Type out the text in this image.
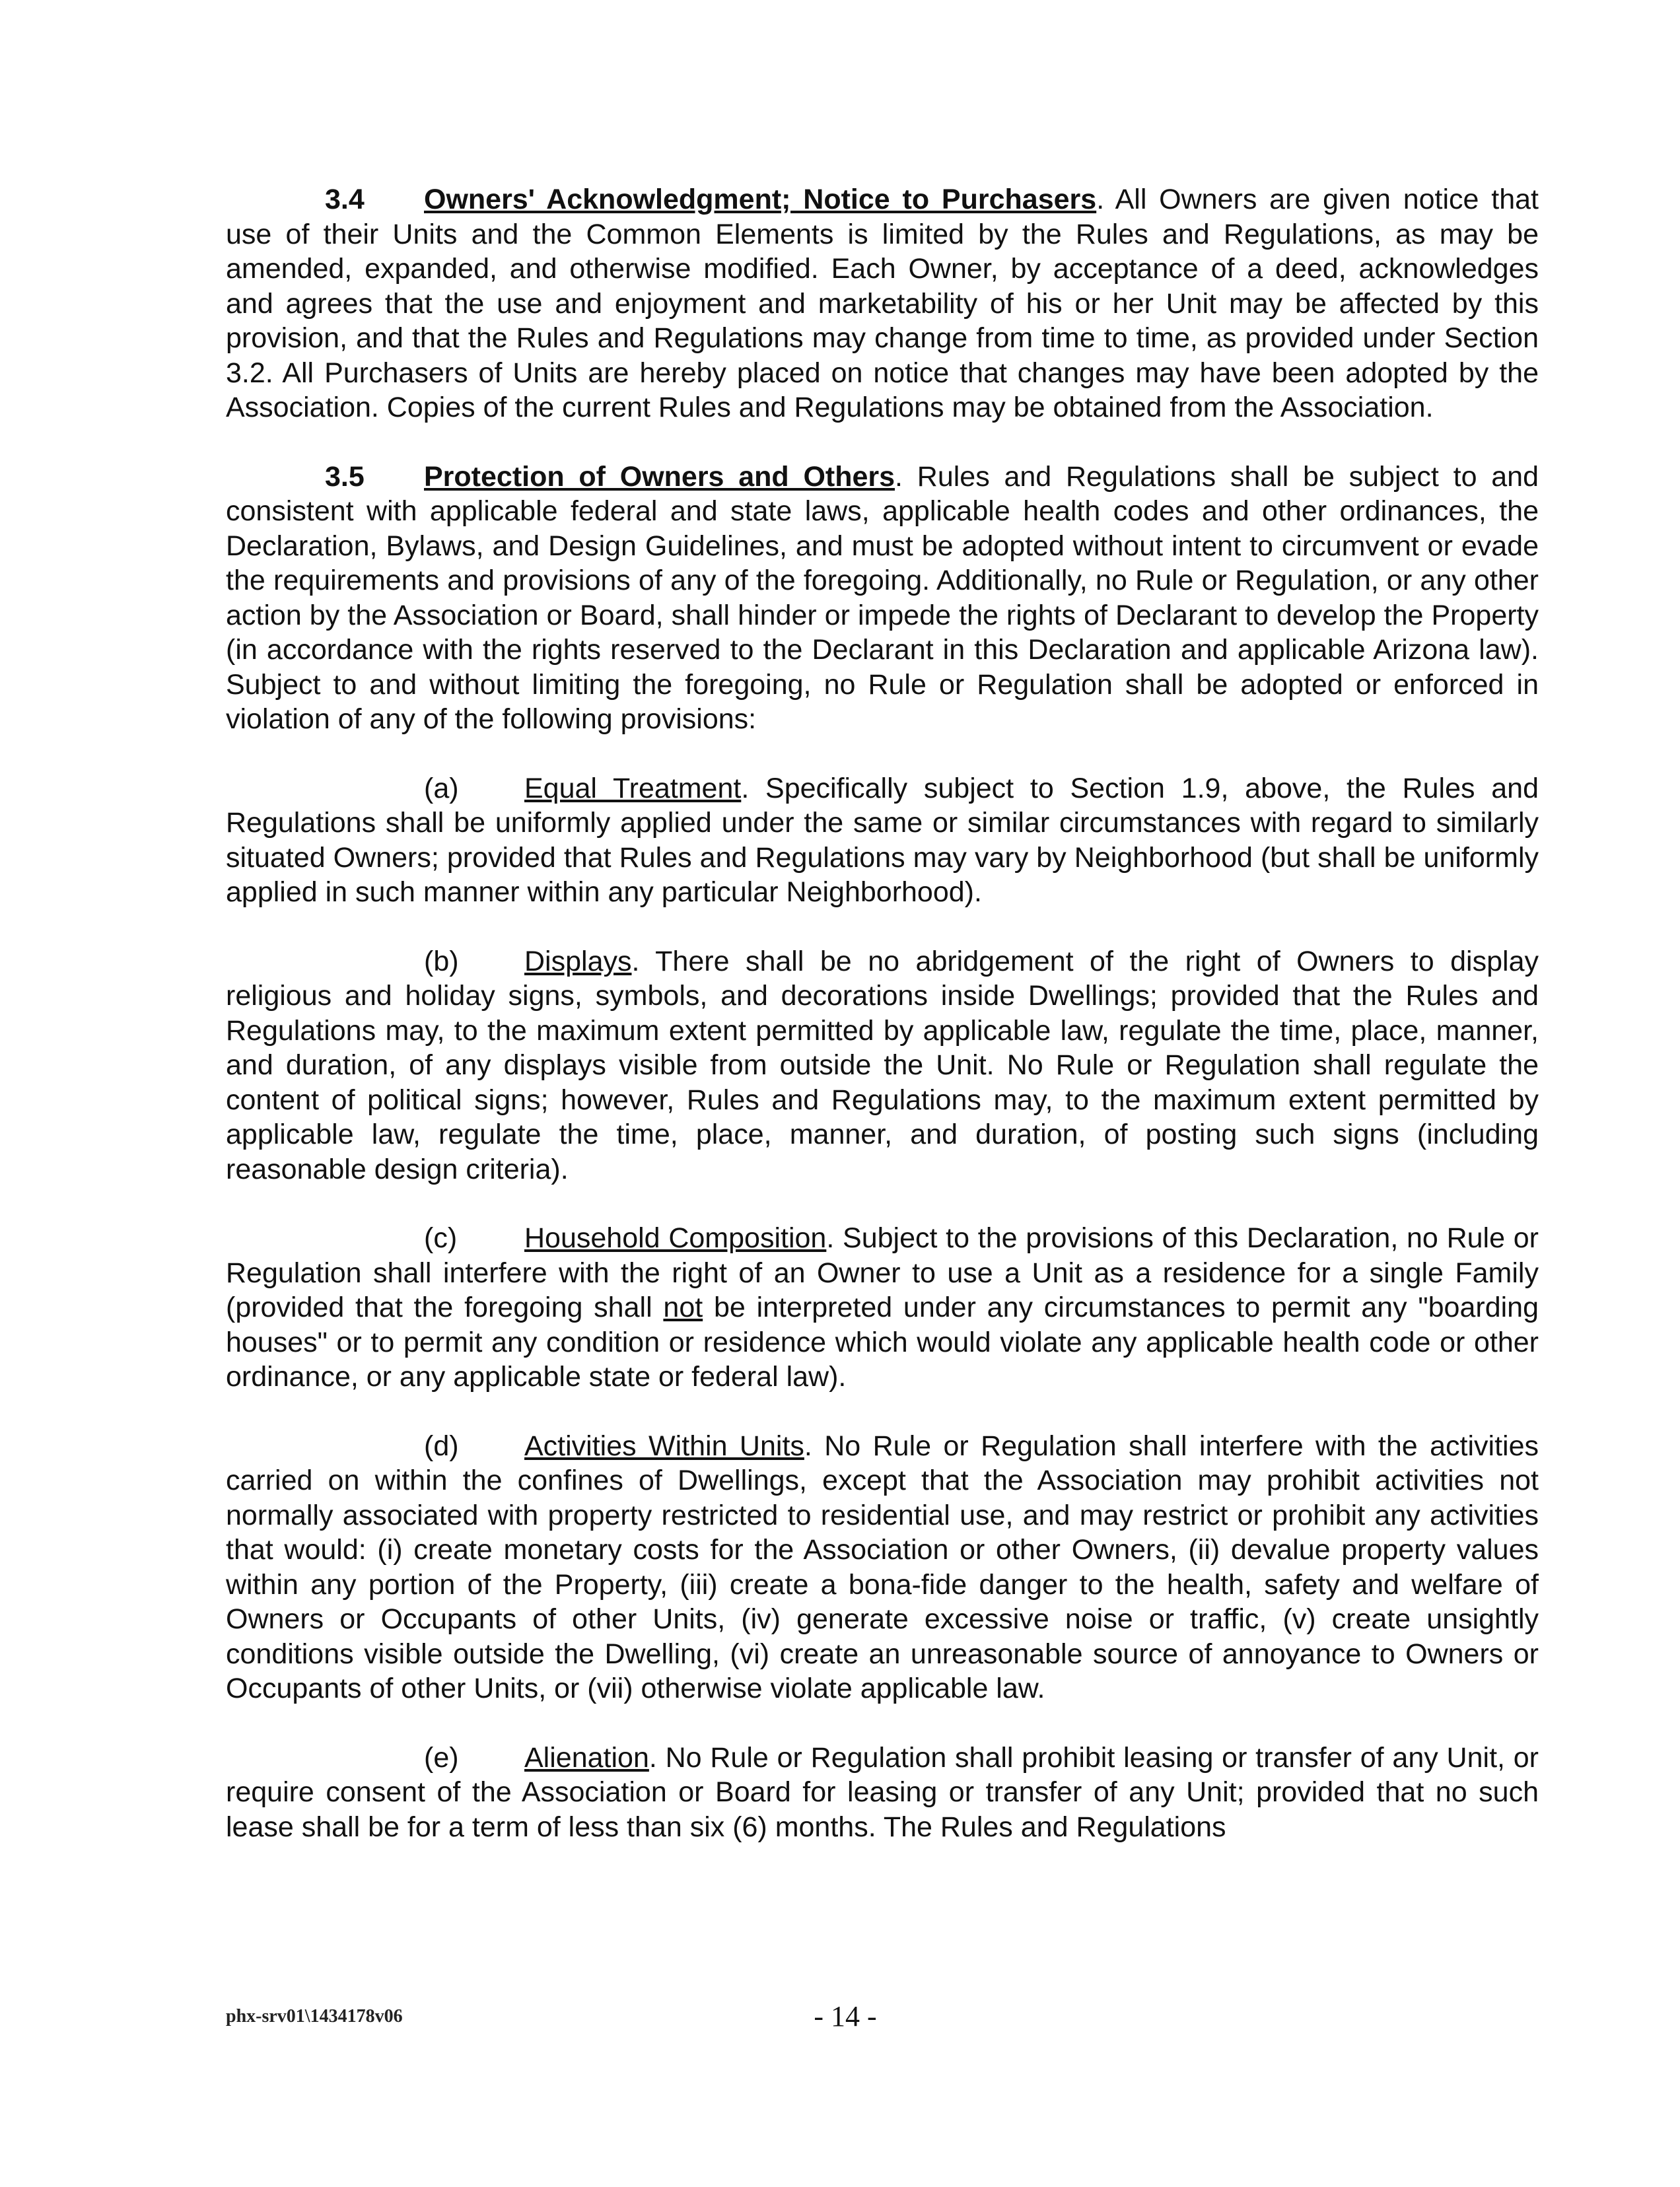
3.4 Owners' Acknowledgment; Notice to Purchasers. All Owners are given notice that use of their Units and the Common Elements is limited by the Rules and Regulations, as may be amended, expanded, and otherwise modified. Each Owner, by acceptance of a deed, acknowledges and agrees that the use and enjoyment and marketability of his or her Unit may be affected by this provision, and that the Rules and Regulations may change from time to time, as provided under Section 3.2. All Purchasers of Units are hereby placed on notice that changes may have been adopted by the Association. Copies of the current Rules and Regulations may be obtained from the Association.

3.5 Protection of Owners and Others. Rules and Regulations shall be subject to and consistent with applicable federal and state laws, applicable health codes and other ordinances, the Declaration, Bylaws, and Design Guidelines, and must be adopted without intent to circumvent or evade the requirements and provisions of any of the foregoing. Additionally, no Rule or Regulation, or any other action by the Association or Board, shall hinder or impede the rights of Declarant to develop the Property (in accordance with the rights reserved to the Declarant in this Declaration and applicable Arizona law). Subject to and without limiting the foregoing, no Rule or Regulation shall be adopted or enforced in violation of any of the following provisions:

(a) Equal Treatment. Specifically subject to Section 1.9, above, the Rules and Regulations shall be uniformly applied under the same or similar circumstances with regard to similarly situated Owners; provided that Rules and Regulations may vary by Neighborhood (but shall be uniformly applied in such manner within any particular Neighborhood).

(b) Displays. There shall be no abridgement of the right of Owners to display religious and holiday signs, symbols, and decorations inside Dwellings; provided that the Rules and Regulations may, to the maximum extent permitted by applicable law, regulate the time, place, manner, and duration, of any displays visible from outside the Unit. No Rule or Regulation shall regulate the content of political signs; however, Rules and Regulations may, to the maximum extent permitted by applicable law, regulate the time, place, manner, and duration, of posting such signs (including reasonable design criteria).

(c) Household Composition. Subject to the provisions of this Declaration, no Rule or Regulation shall interfere with the right of an Owner to use a Unit as a residence for a single Family (provided that the foregoing shall not be interpreted under any circumstances to permit any "boarding houses" or to permit any condition or residence which would violate any applicable health code or other ordinance, or any applicable state or federal law).

(d) Activities Within Units. No Rule or Regulation shall interfere with the activities carried on within the confines of Dwellings, except that the Association may prohibit activities not normally associated with property restricted to residential use, and may restrict or prohibit any activities that would: (i) create monetary costs for the Association or other Owners, (ii) devalue property values within any portion of the Property, (iii) create a bona-fide danger to the health, safety and welfare of Owners or Occupants of other Units, (iv) generate excessive noise or traffic, (v) create unsightly conditions visible outside the Dwelling, (vi) create an unreasonable source of annoyance to Owners or Occupants of other Units, or (vii) otherwise violate applicable law.

(e) Alienation. No Rule or Regulation shall prohibit leasing or transfer of any Unit, or require consent of the Association or Board for leasing or transfer of any Unit; provided that no such lease shall be for a term of less than six (6) months. The Rules and Regulations

phx-srv01\1434178v06	- 14 -
